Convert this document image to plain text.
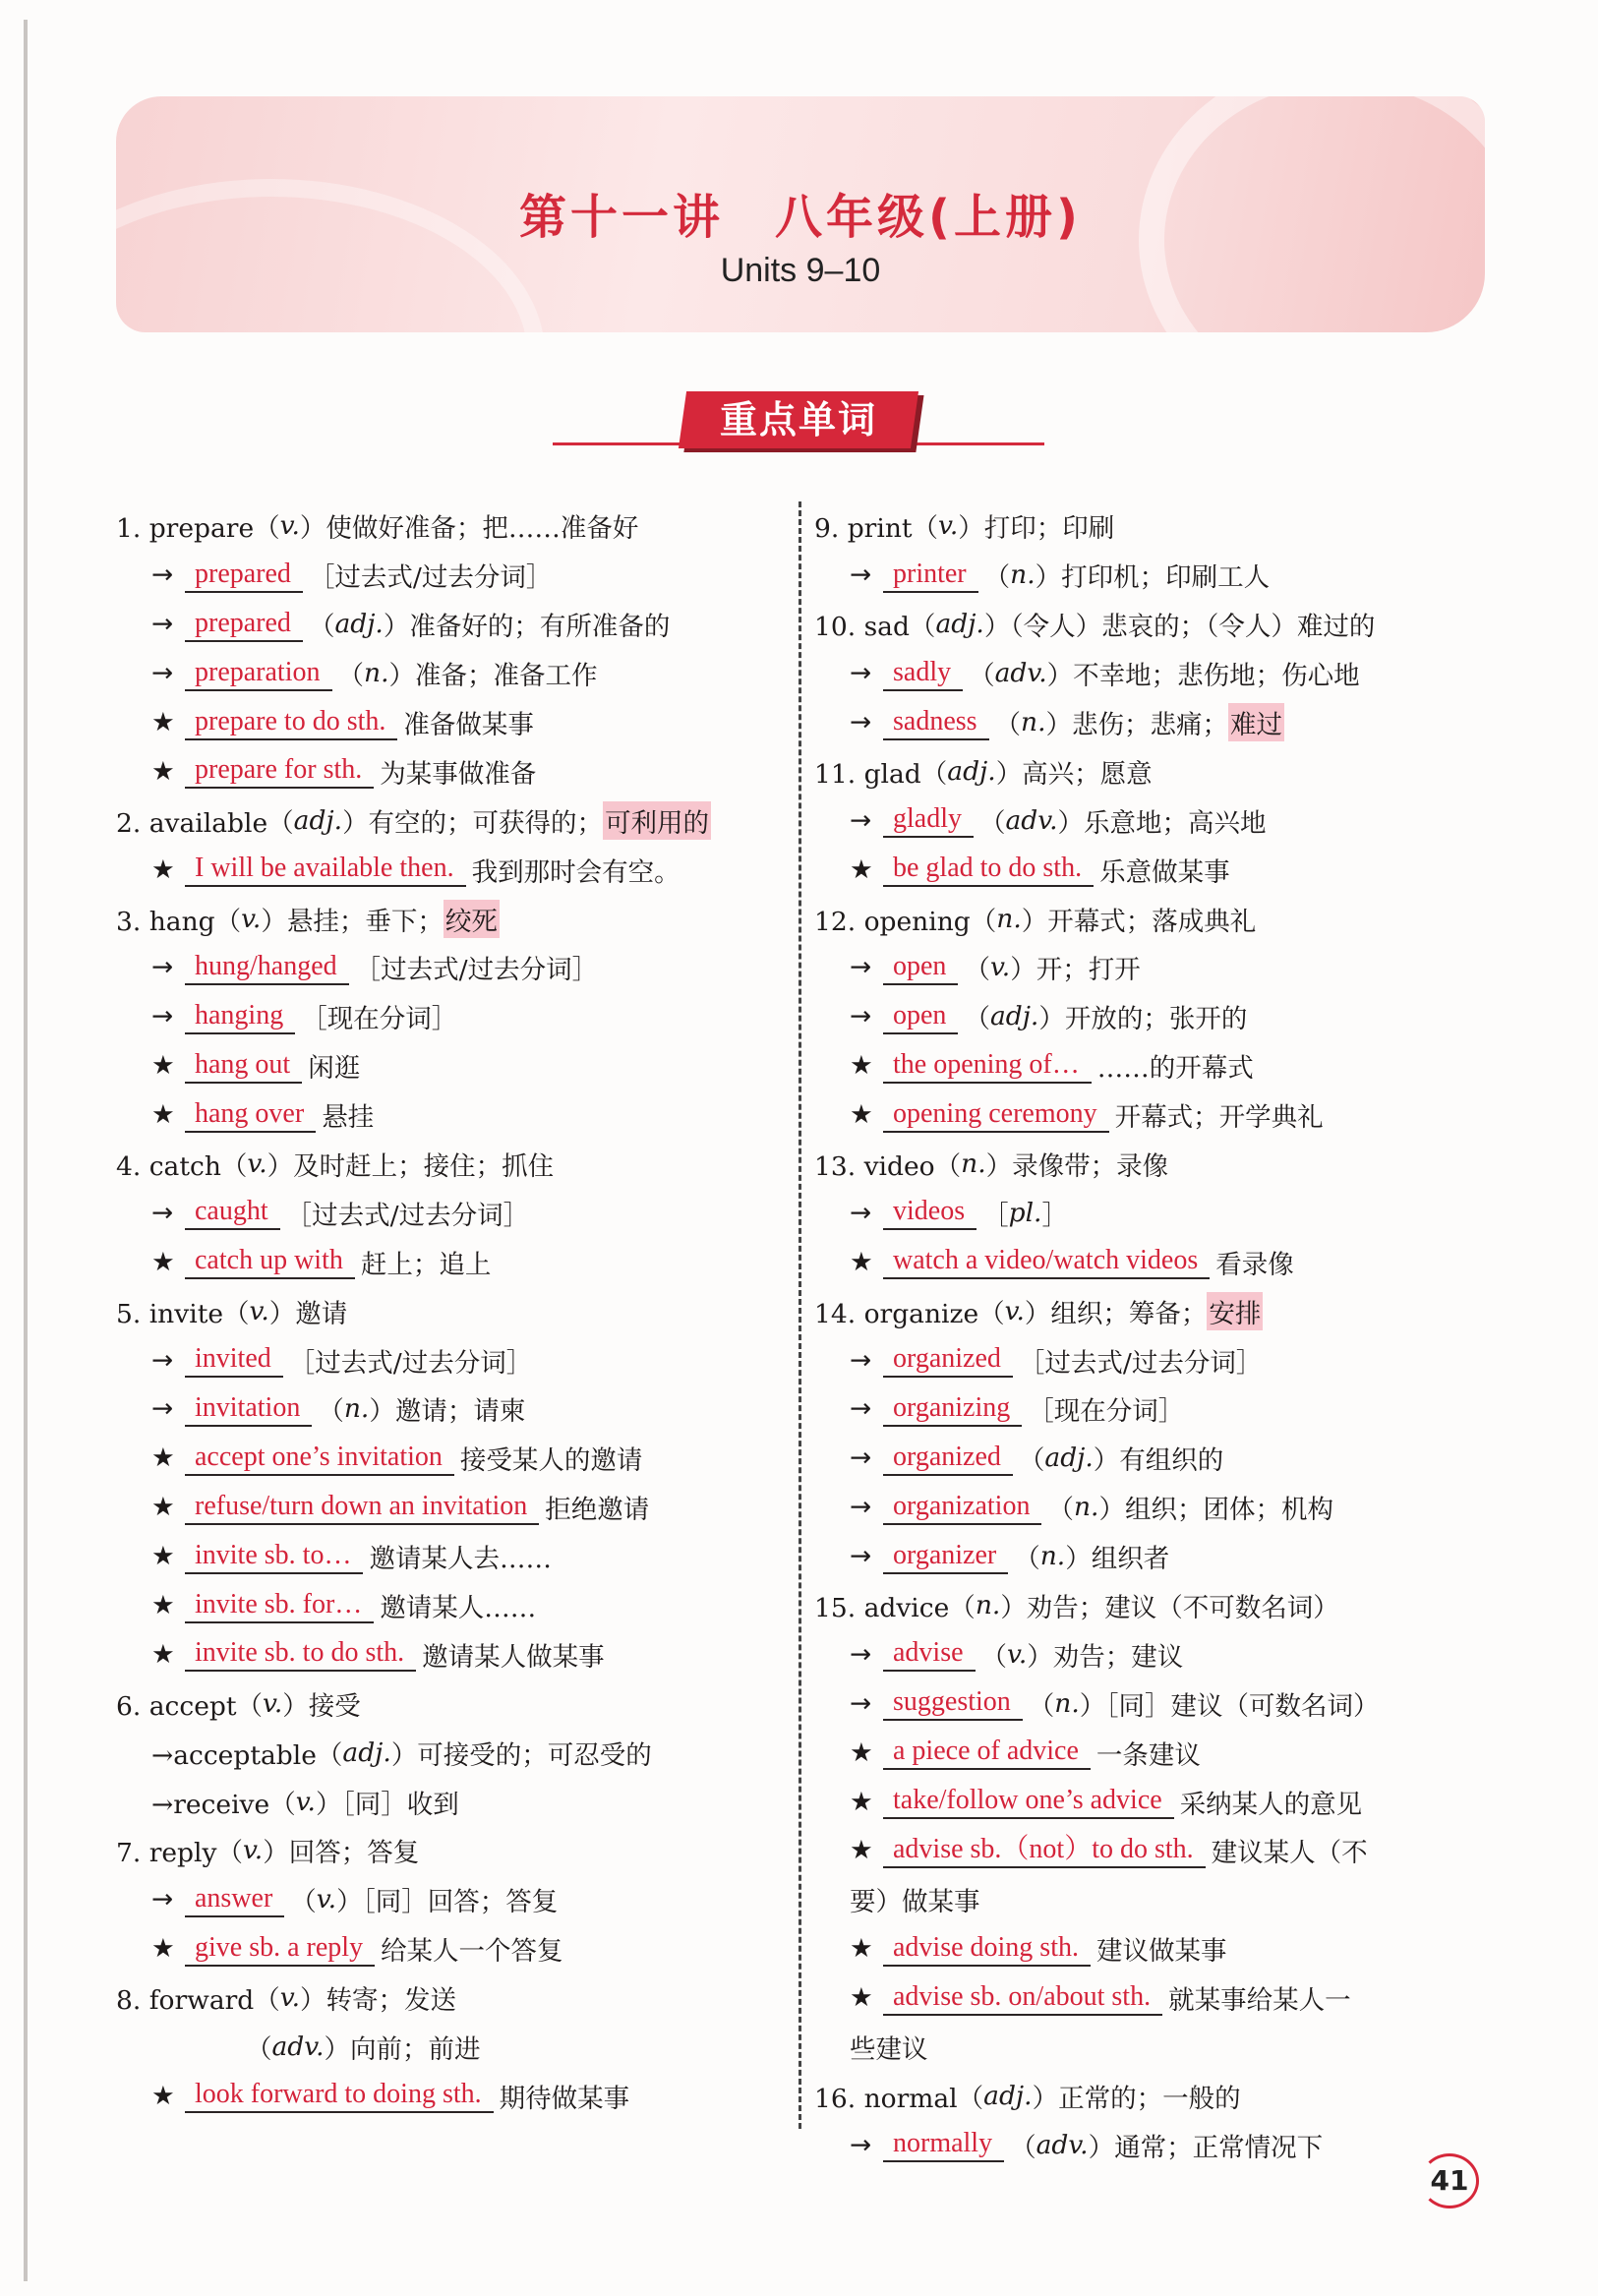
第十一讲　八年级(上册)
Units 9–10
重点单词
1. prepare（ v. ）使做好准备；把……准备好
→ prepared ［过去式/过去分词］
→ prepared （ adj. ）准备好的；有所准备的
→ preparation （ n. ）准备；准备工作
★ prepare to do sth. 准备做某事
★ prepare for sth. 为某事做准备
2. available（ adj. ）有空的；可获得的； 可利用的
★ I will be available then. 我到那时会有空。
3. hang（ v. ）悬挂；垂下； 绞死
→ hung/hanged ［过去式/过去分词］
→ hanging ［现在分词］
★ hang out 闲逛
★ hang over 悬挂
4. catch（ v. ）及时赶上；接住；抓住
→ caught ［过去式/过去分词］
★ catch up with 赶上；追上
5. invite（ v. ）邀请
→ invited ［过去式/过去分词］
→ invitation （ n. ）邀请；请柬
★ accept one’s invitation 接受某人的邀请
★ refuse/turn down an invitation 拒绝邀请
★ invite sb. to… 邀请某人去……
★ invite sb. for… 邀请某人……
★ invite sb. to do sth. 邀请某人做某事
6. accept（ v. ）接受
→acceptable（ adj. ）可接受的；可忍受的
→receive（ v. ）［同］收到
7. reply（ v. ）回答；答复
→ answer （ v. ）［同］回答；答复
★ give sb. a reply 给某人一个答复
8. forward（ v. ）转寄；发送
（ adv. ）向前；前进
★ look forward to doing sth. 期待做某事
9. print（ v. ）打印；印刷
→ printer （ n. ）打印机；印刷工人
10. sad（ adj. ）（令人）悲哀的；（令人）难过的
→ sadly （ adv. ）不幸地；悲伤地；伤心地
→ sadness （ n. ）悲伤；悲痛； 难过
11. glad（ adj. ）高兴；愿意
→ gladly （ adv. ）乐意地；高兴地
★ be glad to do sth. 乐意做某事
12. opening（ n. ）开幕式；落成典礼
→ open （ v. ）开；打开
→ open （ adj. ）开放的；张开的
★ the opening of… ……的开幕式
★ opening ceremony 开幕式；开学典礼
13. video（ n. ）录像带；录像
→ videos ［ pl. ］
★ watch a video/watch videos 看录像
14. organize（ v. ）组织；筹备； 安排
→ organized ［过去式/过去分词］
→ organizing ［现在分词］
→ organized （ adj. ）有组织的
→ organization （ n. ）组织；团体；机构
→ organizer （ n. ）组织者
15. advice（ n. ）劝告；建议（不可数名词）
→ advise （ v. ）劝告；建议
→ suggestion （ n. ）［同］建议（可数名词）
★ a piece of advice 一条建议
★ take/follow one’s advice 采纳某人的意见
★ advise sb.（not）to do sth. 建议某人（不
要）做某事
★ advise doing sth. 建议做某事
★ advise sb. on/about sth. 就某事给某人一
些建议
16. normal（ adj. ）正常的；一般的
→ normally （ adv. ）通常；正常情况下
41
